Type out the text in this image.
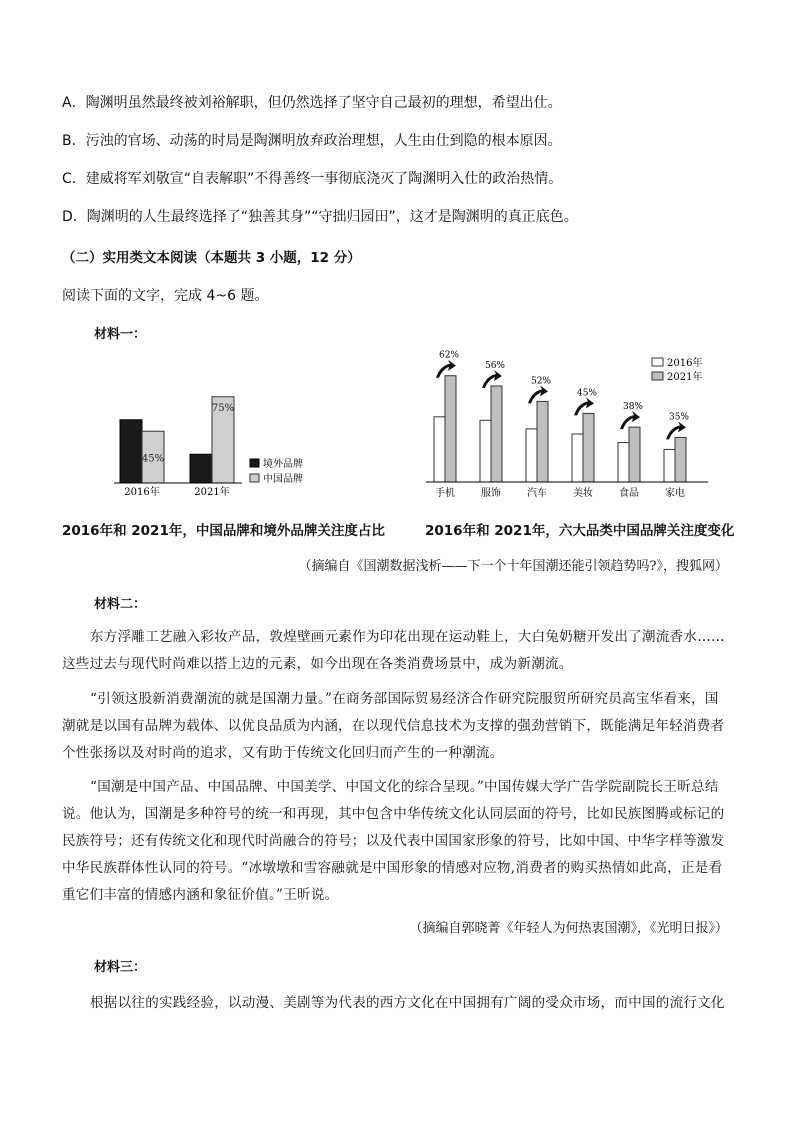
A．陶渊明虽然最终被刘裕解职，但仍然选择了坚守自己最初的理想，希望出仕。
B．污浊的官场、动荡的时局是陶渊明放弃政治理想，人生由仕到隐的根本原因。
C．建威将军刘敬宣“自表解职”不得善终一事彻底浇灭了陶渊明入仕的政治热情。
D．陶渊明的人生最终选择了“独善其身”“守拙归园田”，这才是陶渊明的真正底色。
（二）实用类文本阅读（本题共 3 小题，12 分）
阅读下面的文字，完成 4~6 题。
材料一：
45%
2016年
75%
2021年
境外品牌
中国品牌
62%
手机
56%
服饰
52%
汽车
45%
美妆
38%
食品
35%
家电
2016年
2021年
2016年和 2021年，中国品牌和境外品牌关注度占比	2016年和 2021年，六大品类中国品牌关注度变化
（摘编自《国潮数据浅析——下一个十年国潮还能引领趋势吗?》，搜狐网）
材料二：
东方浮雕工艺融入彩妆产品，敦煌壁画元素作为印花出现在运动鞋上，大白兔奶糖开发出了潮流香水……这些过去与现代时尚难以搭上边的元素，如今出现在各类消费场景中，成为新潮流。
“引领这股新消费潮流的就是国潮力量。”在商务部国际贸易经济合作研究院服贸所研究员高宝华看来，国潮就是以国有品牌为载体、以优良品质为内涵，在以现代信息技术为支撑的强劲营销下，既能满足年轻消费者个性张扬以及对时尚的追求，又有助于传统文化回归而产生的一种潮流。
“国潮是中国产品、中国品牌、中国美学、中国文化的综合呈现。”中国传媒大学广告学院副院长王昕总结说。他认为，国潮是多种符号的统一和再现，其中包含中华传统文化认同层面的符号，比如民族图腾或标记的民族符号；还有传统文化和现代时尚融合的符号；以及代表中国国家形象的符号，比如中国、中华字样等激发中华民族群体性认同的符号。“冰墩墩和雪容融就是中国形象的情感对应物,消费者的购买热情如此高，正是看重它们丰富的情感内涵和象征价值。”王昕说。
（摘编自郭晓菁《年轻人为何热衷国潮》，《光明日报》）
材料三：
根据以往的实践经验，以动漫、美剧等为代表的西方文化在中国拥有广阔的受众市场，而中国的流行文化
